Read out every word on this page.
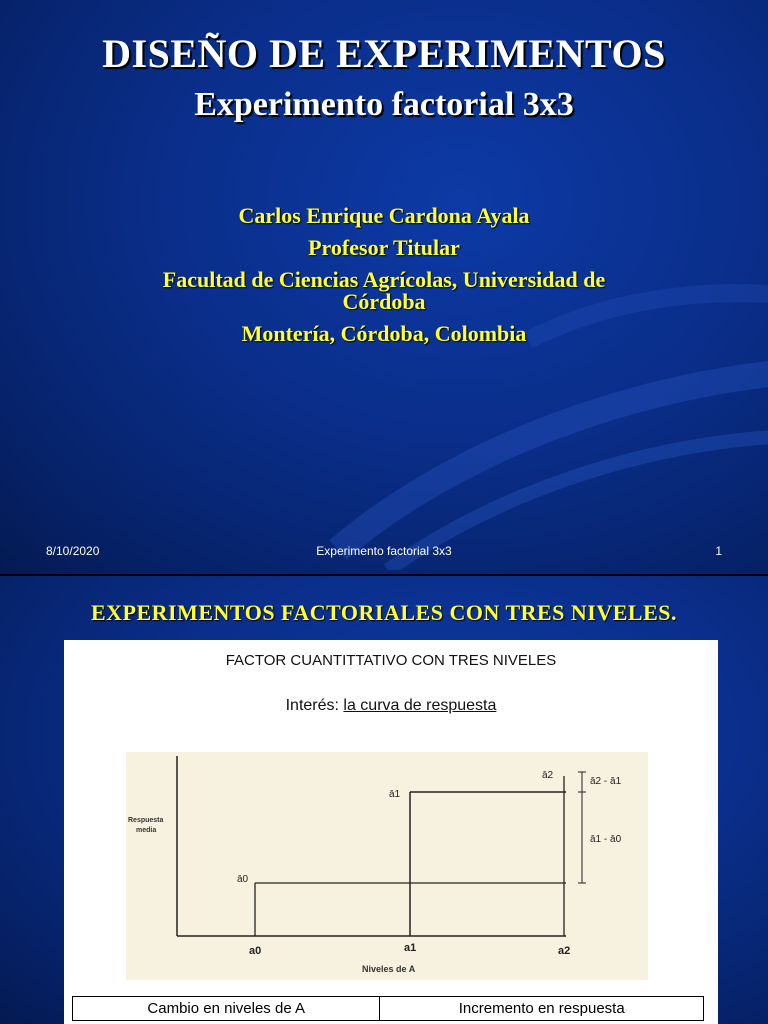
DISEÑO DE EXPERIMENTOS
Experimento factorial 3x3
Carlos Enrique Cardona Ayala
Profesor Titular
Facultad de Ciencias Agrícolas, Universidad de
Córdoba
Montería, Córdoba, Colombia
8/10/2020	Experimento factorial 3x3	1
EXPERIMENTOS FACTORIALES CON TRES NIVELES.
FACTOR CUANTITTATIVO CON TRES NIVELES
Interés: la curva de respuesta
Respuesta
media
ā0
ā1
ā2
ā2 - ā1
ā1 - ā0
a0	a1	a2
Niveles de A
Cambio en niveles de A	Incremento en respuesta
